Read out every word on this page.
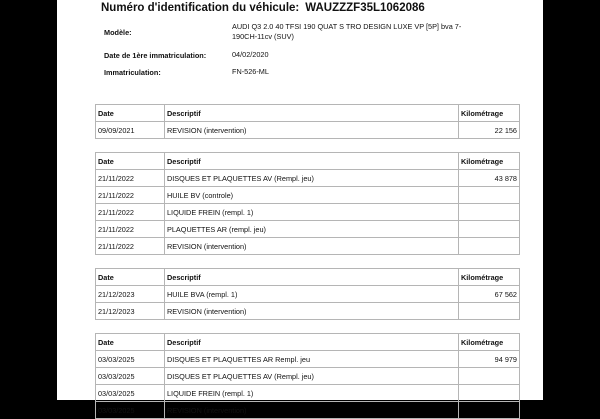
Numéro d'identification du véhicule: WAUZZZF35L1062086
Modèle:
AUDI Q3 2.0 40 TFSI 190 QUAT S TRO DESIGN LUXE VP [5P] bva 7-190CH-11cv (SUV)
Date de 1ère immatriculation:	04/02/2020
Immatriculation:	FN-526-ML
Date	Descriptif	Kilométrage
09/09/2021	REVISION (intervention)	22 156

Date	Descriptif	Kilométrage
21/11/2022	DISQUES ET PLAQUETTES AV (Rempl. jeu)	43 878
21/11/2022	HUILE BV (controle)	
21/11/2022	LIQUIDE FREIN (rempl. 1)	
21/11/2022	PLAQUETTES AR (rempl. jeu)	
21/11/2022	REVISION (intervention)	

Date	Descriptif	Kilométrage
21/12/2023	HUILE BVA (rempl. 1)	67 562
21/12/2023	REVISION (intervention)	

Date	Descriptif	Kilométrage
03/03/2025	DISQUES ET PLAQUETTES AR Rempl. jeu	94 979
03/03/2025	DISQUES ET PLAQUETTES AV (Rempl. jeu)	
03/03/2025	LIQUIDE FREIN (rempl. 1)	
03/03/2025	REVISION (intervention)	
